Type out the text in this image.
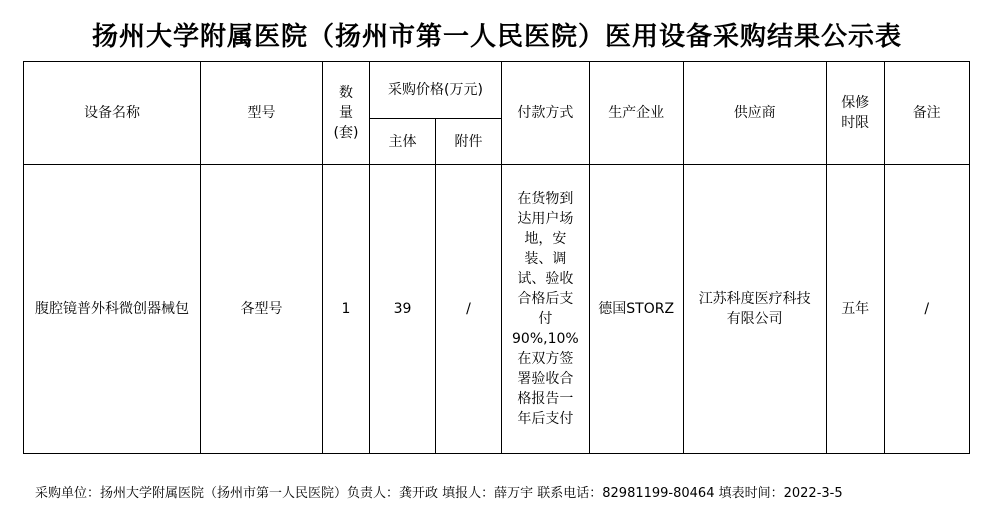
扬州大学附属医院（扬州市第一人民医院）医用设备采购结果公示表
设备名称	型号	数量(套)	采购价格(万元)		付款方式	生产企业	供应商	保修时限	备注
			主体	附件					
腹腔镜普外科微创器械包	各型号	1	39	/	在货物到达用户场地，安装、调试、验收合格后支付90%,10%在双方签署验收合格报告一年后支付	德国STORZ	江苏科度医疗科技有限公司	五年	/
采购单位：扬州大学附属医院（扬州市第一人民医院）负责人：龚开政 填报人：薛万宇 联系电话：82981199-80464 填表时间：2022-3-5
